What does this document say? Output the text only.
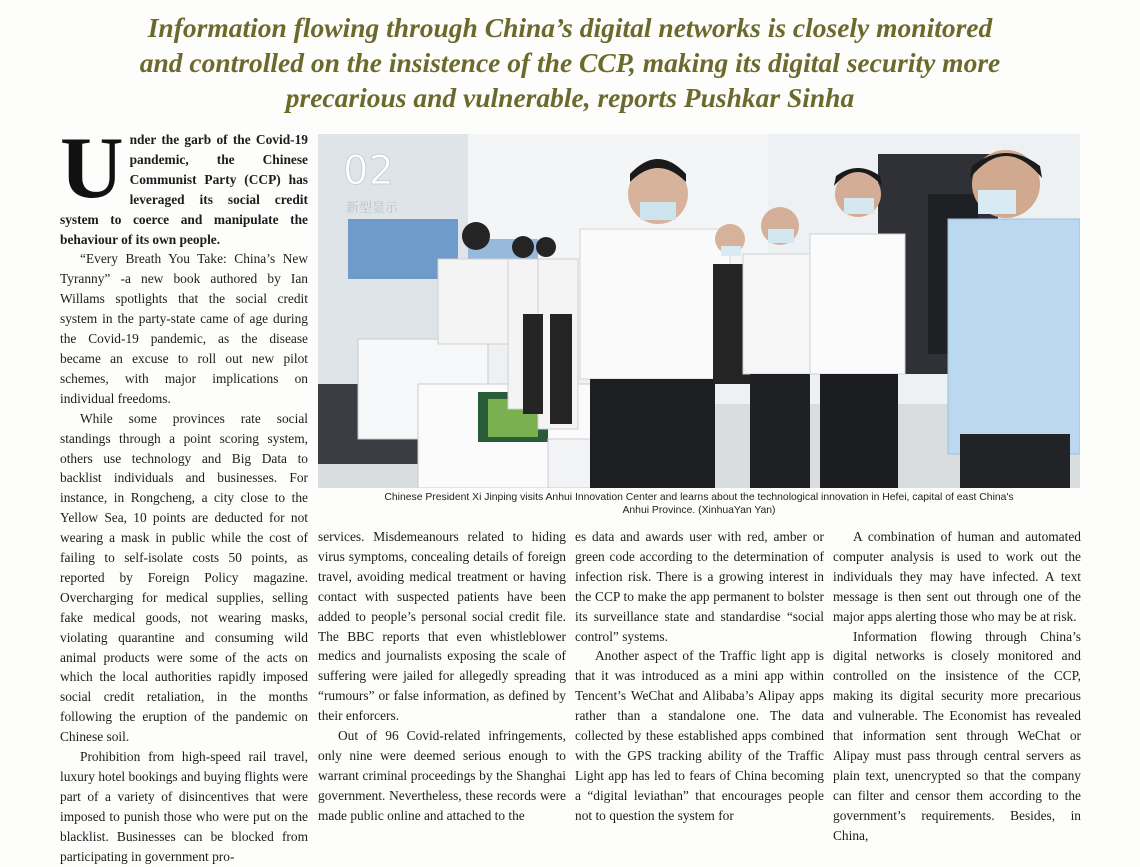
Information flowing through China’s digital networks is closely monitored
and controlled on the insistence of the CCP, making its digital security more
precarious and vulnerable, reports Pushkar Sinha
U nder the garb of the Covid-19 pandemic, the Chinese Communist Party (CCP) has leveraged its social credit system to coerce and manipulate the behaviour of its own people.

“Every Breath You Take: China’s New Tyranny” -a new book authored by Ian Willams spotlights that the social credit system in the party-state came of age during the Covid-19 pandemic, as the disease became an excuse to roll out new pilot schemes, with major implications on individual freedoms.

While some provinces rate social standings through a point scoring system, others use technology and Big Data to backlist individuals and businesses. For instance, in Rongcheng, a city close to the Yellow Sea, 10 points are deducted for not wearing a mask in public while the cost of failing to self-isolate costs 50 points, as reported by Foreign Policy magazine. Overcharging for medical supplies, selling fake medical goods, not wearing masks, violating quarantine and consuming wild animal products were some of the acts on which the local authorities rapidly imposed social credit retaliation, in the months following the eruption of the pandemic on Chinese soil.

Prohibition from high-speed rail travel, luxury hotel bookings and buying flights were part of a variety of disincentives that were imposed to punish those who were put on the blacklist. Businesses can be blocked from participating in government pro-

新型显示
02
Chinese President Xi Jinping visits Anhui Innovation Center and learns about the technological innovation in Hefei, capital of east China's
Anhui Province. (XinhuaYan Yan)

services. Misdemeanours related to hiding virus symptoms, concealing details of foreign travel, avoiding medical treatment or having contact with suspected patients have been added to people’s personal social credit file. The BBC reports that even whistleblower medics and journalists exposing the scale of suffering were jailed for allegedly spreading “rumours” or false information, as defined by their enforcers.

Out of 96 Covid-related infringements, only nine were deemed serious enough to warrant criminal proceedings by the Shanghai government. Nevertheless, these records were made public online and attached to the

es data and awards user with red, amber or green code according to the determination of infection risk. There is a growing interest in the CCP to make the app permanent to bolster its surveillance state and standardise “social control” systems.

Another aspect of the Traffic light app is that it was introduced as a mini app within Tencent’s WeChat and Alibaba’s Alipay apps rather than a standalone one. The data collected by these established apps combined with the GPS tracking ability of the Traffic Light app has led to fears of China becoming a “digital leviathan” that encourages people not to question the system for

A combination of human and automated computer analysis is used to work out the individuals they may have infected. A text message is then sent out through one of the major apps alerting those who may be at risk.

Information flowing through China’s digital networks is closely monitored and controlled on the insistence of the CCP, making its digital security more precarious and vulnerable. The Economist has revealed that information sent through WeChat or Alipay must pass through central servers as plain text, unencrypted so that the company can filter and censor them according to the government’s requirements. Besides, in China,
